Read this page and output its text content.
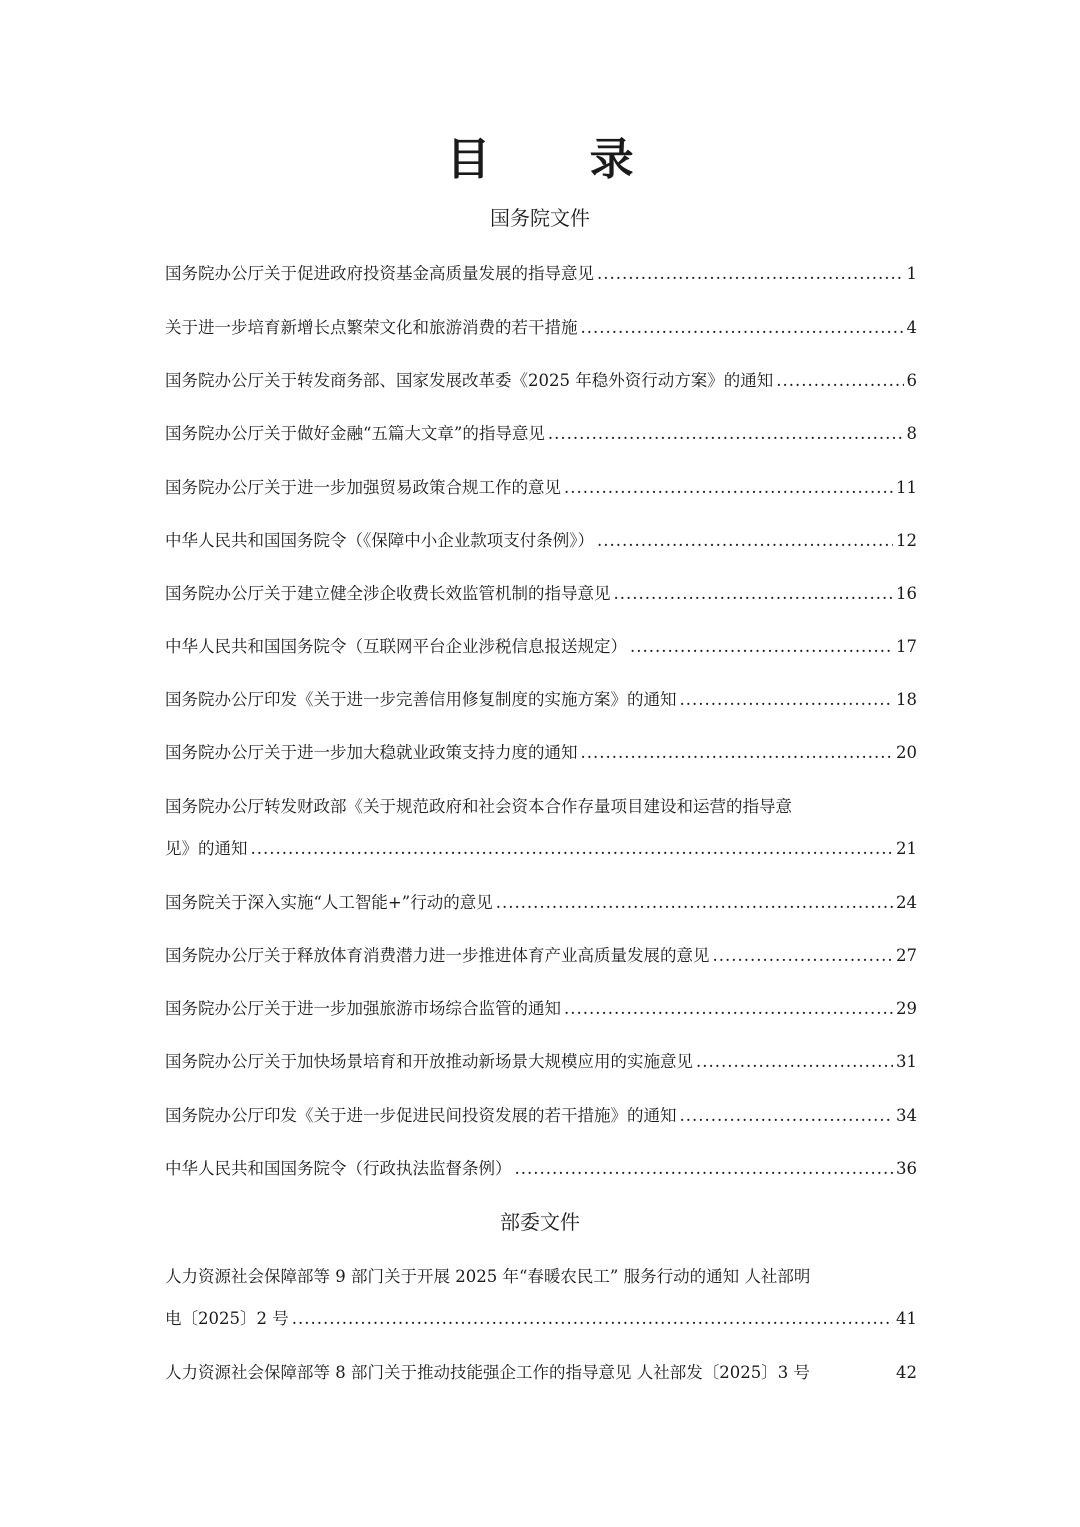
目 录
国务院文件
国务院办公厅关于促进政府投资基金高质量发展的指导意见 .....	1
关于进一步培育新增长点繁荣文化和旅游消费的若干措施 .....	4
国务院办公厅关于转发商务部、国家发展改革委《2025 年稳外资行动方案》的通知 .....	6
国务院办公厅关于做好金融“五篇大文章”的指导意见 .....	8
国务院办公厅关于进一步加强贸易政策合规工作的意见 .....	11
中华人民共和国国务院令（《保障中小企业款项支付条例》） .....	12
国务院办公厅关于建立健全涉企收费长效监管机制的指导意见 .....	16
中华人民共和国国务院令（互联网平台企业涉税信息报送规定） .....	17
国务院办公厅印发《关于进一步完善信用修复制度的实施方案》的通知 .....	18
国务院办公厅关于进一步加大稳就业政策支持力度的通知 .....	20
国务院办公厅转发财政部《关于规范政府和社会资本合作存量项目建设和运营的指导意
见》的通知 .....	21
国务院关于深入实施“人工智能+”行动的意见 .....	24
国务院办公厅关于释放体育消费潜力进一步推进体育产业高质量发展的意见 .....	27
国务院办公厅关于进一步加强旅游市场综合监管的通知 .....	29
国务院办公厅关于加快场景培育和开放推动新场景大规模应用的实施意见 .....	31
国务院办公厅印发《关于进一步促进民间投资发展的若干措施》的通知 .....	34
中华人民共和国国务院令（行政执法监督条例） .....	36
部委文件
人力资源社会保障部等 9 部门关于开展 2025 年“春暖农民工” 服务行动的通知 人社部明
电〔2025〕2 号 .....	41
人力资源社会保障部等 8 部门关于推动技能强企工作的指导意见 人社部发〔2025〕3 号	42
